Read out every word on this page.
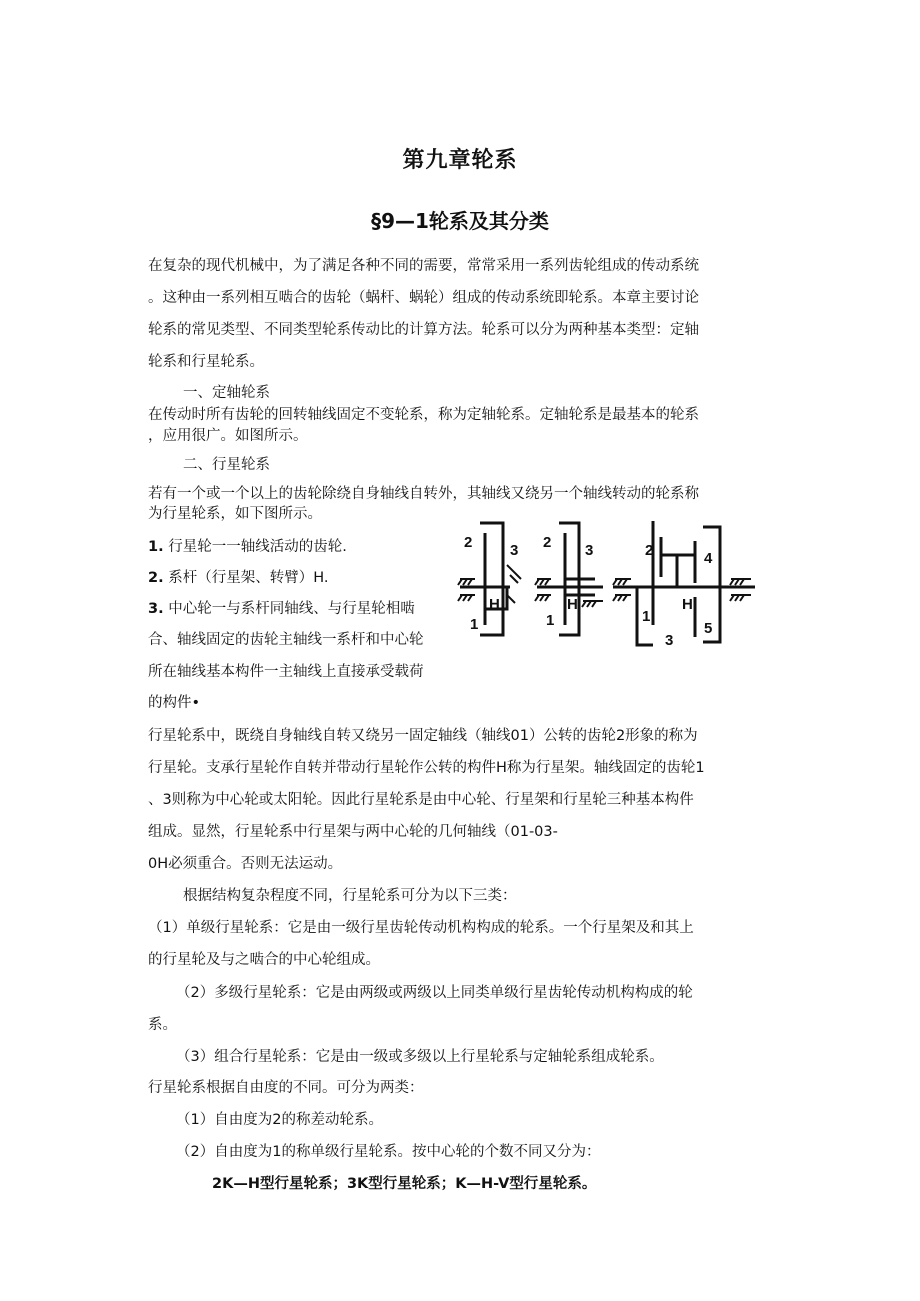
第九章轮系
§9—1轮系及其分类
在复杂的现代机械中，为了满足各种不同的需要，常常采用一系列齿轮组成的传动系统
。这种由一系列相互啮合的齿轮（蜗杆、蜗轮）组成的传动系统即轮系。本章主要讨论
轮系的常见类型、不同类型轮系传动比的计算方法。轮系可以分为两种基本类型：定轴
轮系和行星轮系。
一、定轴轮系
在传动时所有齿轮的回转轴线固定不变轮系，称为定轴轮系。定轴轮系是最基本的轮系
，应用很广。如图所示。
二、行星轮系
若有一个或一个以上的齿轮除绕自身轴线自转外，其轴线又绕另一个轴线转动的轮系称
为行星轮系，如下图所示。
1. 行星轮一一轴线活动的齿轮.
2. 系杆（行星架、转臂）H.
3. 中心轮一与系杆同轴线、与行星轮相啮
合、轴线固定的齿轮主轴线一系杆和中心轮
所在轴线基本构件一主轴线上直接承受载荷
的构件•
2	3
H
1
2 3
H
1
2	4
H
1
3
5
行星轮系中，既绕自身轴线自转又绕另一固定轴线（轴线01）公转的齿轮2形象的称为
行星轮。支承行星轮作自转并带动行星轮作公转的构件H称为行星架。轴线固定的齿轮1
、3则称为中心轮或太阳轮。因此行星轮系是由中心轮、行星架和行星轮三种基本构件
组成。显然，行星轮系中行星架与两中心轮的几何轴线（01-03-
0H必须重合。否则无法运动。
根据结构复杂程度不同，行星轮系可分为以下三类：
（1）单级行星轮系：它是由一级行星齿轮传动机构构成的轮系。一个行星架及和其上
的行星轮及与之啮合的中心轮组成。
（2）多级行星轮系：它是由两级或两级以上同类单级行星齿轮传动机构构成的轮
系。
（3）组合行星轮系：它是由一级或多级以上行星轮系与定轴轮系组成轮系。
行星轮系根据自由度的不同。可分为两类：
（1）自由度为2的称差动轮系。
（2）自由度为1的称单级行星轮系。按中心轮的个数不同又分为：
2K—H型行星轮系；3K型行星轮系；K—H-V型行星轮系。
